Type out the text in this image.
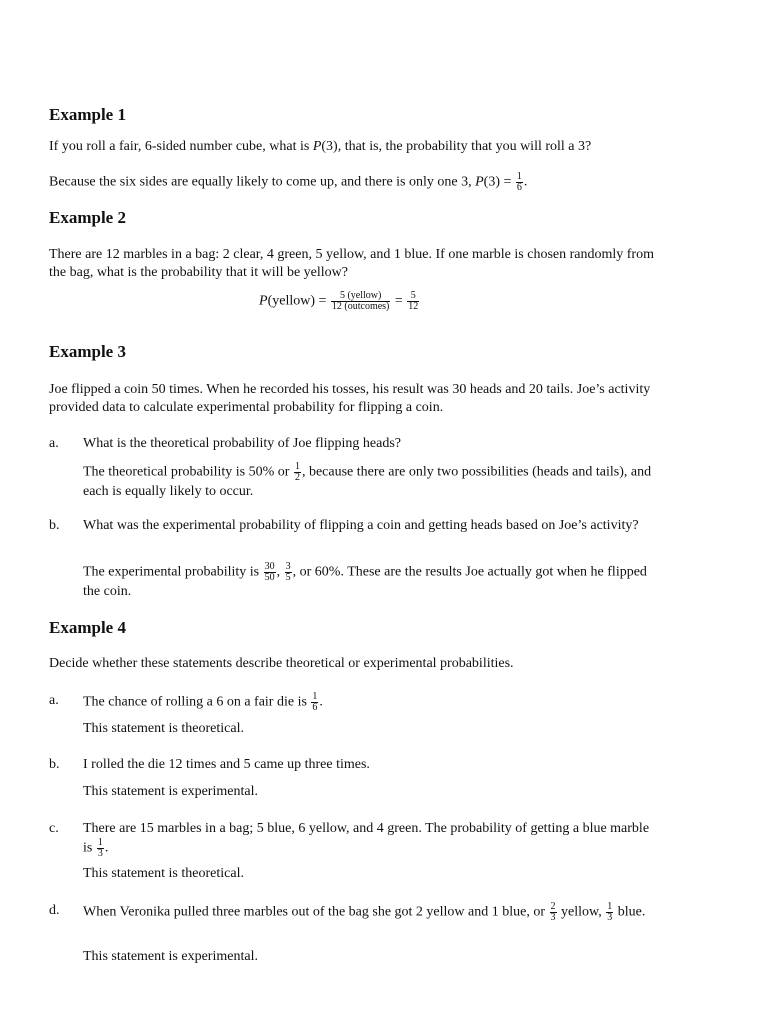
Example 1

If you roll a fair, 6-sided number cube, what is P(3), that is, the probability that you will roll a 3?

Because the six sides are equally likely to come up, and there is only one 3, $P(3) = \frac{1}{6}$ .

Example 2

There are 12 marbles in a bag: 2 clear, 4 green, 5 yellow, and 1 blue. If one marble is chosen randomly from the bag, what is the probability that it will be yellow?

P(yellow) = $\frac{\text{5 (yellow)}}{\text{12 (outcomes)}} = \frac{5}{12}$
Example 3

Joe flipped a coin 50 times. When he recorded his tosses, his result was 30 heads and 20 tails. Joe’s activity provided data to calculate experimental probability for flipping a coin.

a. What is the theoretical probability of Joe flipping heads?

The theoretical probability is 50% or $\frac{1}{2}$ , because there are only two possibilities (heads and tails), and each is equally likely to occur.

b. What was the experimental probability of flipping a coin and getting heads based on Joe’s activity?

The experimental probability is $\frac{30}{50}$ , $\frac{3}{5}$ , or 60%. These are the results Joe actually got when he flipped the coin.

Example 4

Decide whether these statements describe theoretical or experimental probabilities.

a. The chance of rolling a 6 on a fair die is $\frac{1}{6}$ .

This statement is theoretical.

b. I rolled the die 12 times and 5 came up three times.

This statement is experimental.

c. There are 15 marbles in a bag; 5 blue, 6 yellow, and 4 green. The probability of getting a blue marble is $\frac{1}{3}$ .

This statement is theoretical.

d. When Veronika pulled three marbles out of the bag she got 2 yellow and 1 blue, or $\frac{2}{3}$ yellow, $\frac{1}{3}$ blue.

This statement is experimental.
